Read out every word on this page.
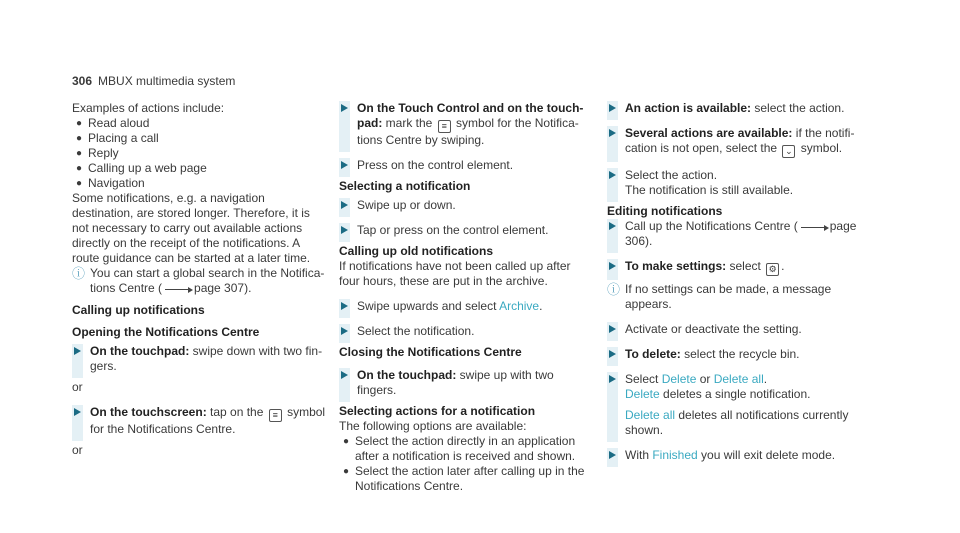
306 MBUX multimedia system

Examples of actions include:

● Read aloud
● Placing a call
● Reply
● Calling up a web page
● Navigation

Some notifications, e.g. a navigation destination, are stored longer. Therefore, it is not necessary to carry out available actions directly on the receipt of the notifications. A route guidance can be started at a later time.

ⓘ You can start a global search in the Notifications Centre (	page 307).

Calling up notifications

Opening the Notifications Centre

On the touchpad: swipe down with two fingers.

or

On the touchscreen: tap on the ≡ symbol for the Notifications Centre.

or

On the Touch Control and on the touchpad: mark the ≡ symbol for the Notifications Centre by swiping.
Press on the control element.

Selecting a notification

Swipe up or down.
Tap or press on the control element.

Calling up old notifications

If notifications have not been called up after four hours, these are put in the archive.

Swipe upwards and select Archive.
Select the notification.

Closing the Notifications Centre

On the touchpad: swipe up with two fingers.

Selecting actions for a notification

The following options are available:

● Select the action directly in an application after a notification is received and shown.
● Select the action later after calling up in the Notifications Centre.
An action is available: select the action.
Several actions are available: if the notification is not open, select the ⌄ symbol.
Select the action.
The notification is still available.

Editing notifications

Call up the Notifications Centre (	page 306).
To make settings: select ⚙ .
ⓘ If no settings can be made, a message appears.
Activate or deactivate the setting.
To delete: select the recycle bin.
Select Delete or Delete all.
Delete deletes a single notification.
Delete all deletes all notifications currently shown.
With Finished you will exit delete mode.
